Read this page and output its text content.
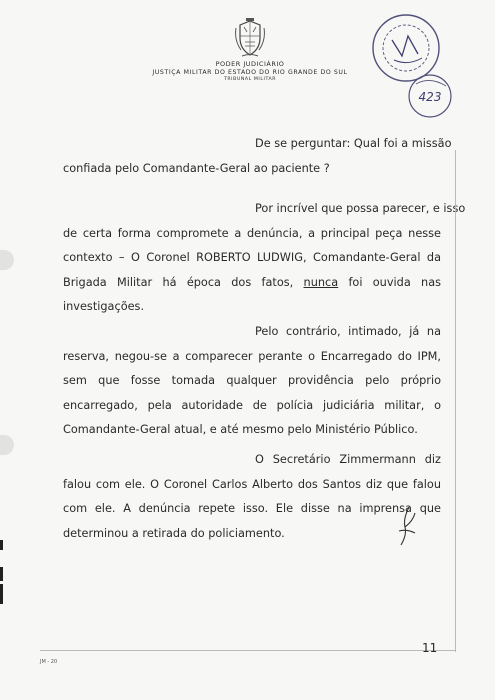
PODER JUDICIÁRIO
JUSTIÇA MILITAR DO ESTADO DO RIO GRANDE DO SUL
TRIBUNAL MILITAR
423
De se perguntar: Qual foi a missão
confiada pelo Comandante-Geral ao paciente ?
Por incrível que possa parecer, e isso
de certa forma compromete a denúncia, a principal peça nesse
contexto – O Coronel ROBERTO LUDWIG, Comandante-Geral da
Brigada Militar há época dos fatos, nunca foi ouvida nas
investigações.
Pelo contrário, intimado, já na
reserva, negou-se a comparecer perante o Encarregado do IPM,
sem que fosse tomada qualquer providência pelo próprio
encarregado, pela autoridade de polícia judiciária militar, o
Comandante-Geral atual, e até mesmo pelo Ministério Público.
O Secretário Zimmermann diz
falou com ele. O Coronel Carlos Alberto dos Santos diz que falou
com ele. A denúncia repete isso. Ele disse na imprensa que
determinou a retirada do policiamento.
11
JM - 20
